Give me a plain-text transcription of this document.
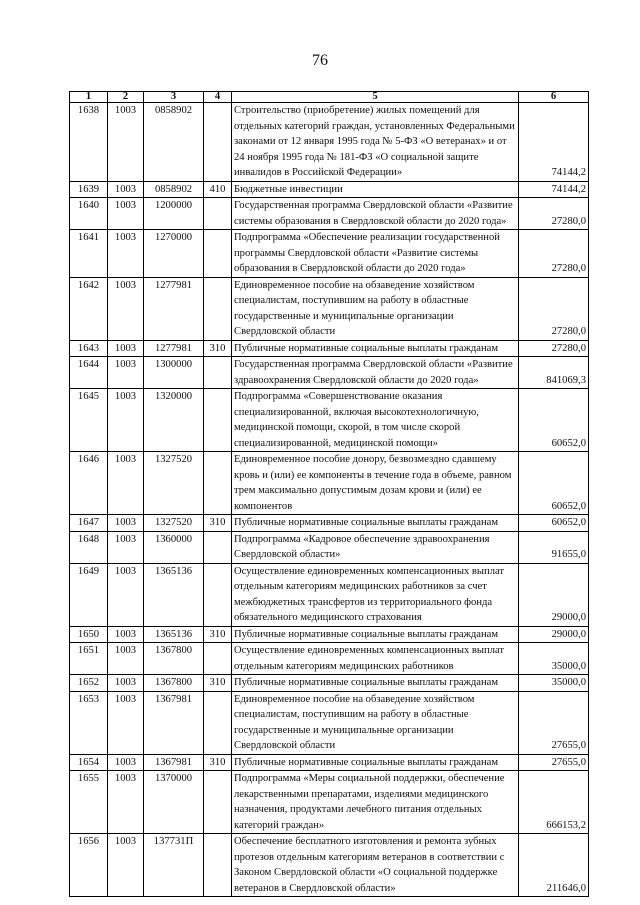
76
1	2	3	4	5	6
1638	1003	0858902		Строительство (приобретение) жилых помещений для отдельных категорий граждан, установленных Федеральными законами от 12 января 1995 года № 5-ФЗ «О ветеранах» и от 24 ноября 1995 года № 181-ФЗ «О социальной защите инвалидов в Российской Федерации»	74144,2
1639	1003	0858902	410	Бюджетные инвестиции	74144,2
1640	1003	1200000		Государственная программа Свердловской области «Развитие системы образования в Свердловской области до 2020 года»	27280,0
1641	1003	1270000		Подпрограмма «Обеспечение реализации государственной программы Свердловской области «Развитие системы образования в Свердловской области до 2020 года»	27280,0
1642	1003	1277981		Единовременное пособие на обзаведение хозяйством специалистам, поступившим на работу в областные государственные и муниципальные организации Свердловской области	27280,0
1643	1003	1277981	310	Публичные нормативные социальные выплаты гражданам	27280,0
1644	1003	1300000		Государственная программа Свердловской области «Развитие здравоохранения Свердловской области до 2020 года»	841069,3
1645	1003	1320000		Подпрограмма «Совершенствование оказания специализированной, включая высокотехнологичную, медицинской помощи, скорой, в том числе скорой специализированной, медицинской помощи»	60652,0
1646	1003	1327520		Единовременное пособие донору, безвозмездно сдавшему кровь и (или) ее компоненты в течение года в объеме, равном трем максимально допустимым дозам крови и (или) ее компонентов	60652,0
1647	1003	1327520	310	Публичные нормативные социальные выплаты гражданам	60652,0
1648	1003	1360000		Подпрограмма «Кадровое обеспечение здравоохранения Свердловской области»	91655,0
1649	1003	1365136		Осуществление единовременных компенсационных выплат отдельным категориям медицинских работников за счет межбюджетных трансфертов из территориального фонда обязательного медицинского страхования	29000,0
1650	1003	1365136	310	Публичные нормативные социальные выплаты гражданам	29000,0
1651	1003	1367800		Осуществление единовременных компенсационных выплат отдельным категориям медицинских работников	35000,0
1652	1003	1367800	310	Публичные нормативные социальные выплаты гражданам	35000,0
1653	1003	1367981		Единовременное пособие на обзаведение хозяйством специалистам, поступившим на работу в областные государственные и муниципальные организации Свердловской области	27655,0
1654	1003	1367981	310	Публичные нормативные социальные выплаты гражданам	27655,0
1655	1003	1370000		Подпрограмма «Меры социальной поддержки, обеспечение лекарственными препаратами, изделиями медицинского назначения, продуктами лечебного питания отдельных категорий граждан»	666153,2
1656	1003	137731П		Обеспечение бесплатного изготовления и ремонта зубных протезов отдельным категориям ветеранов в соответствии с Законом Свердловской области «О социальной поддержке ветеранов в Свердловской области»	211646,0
